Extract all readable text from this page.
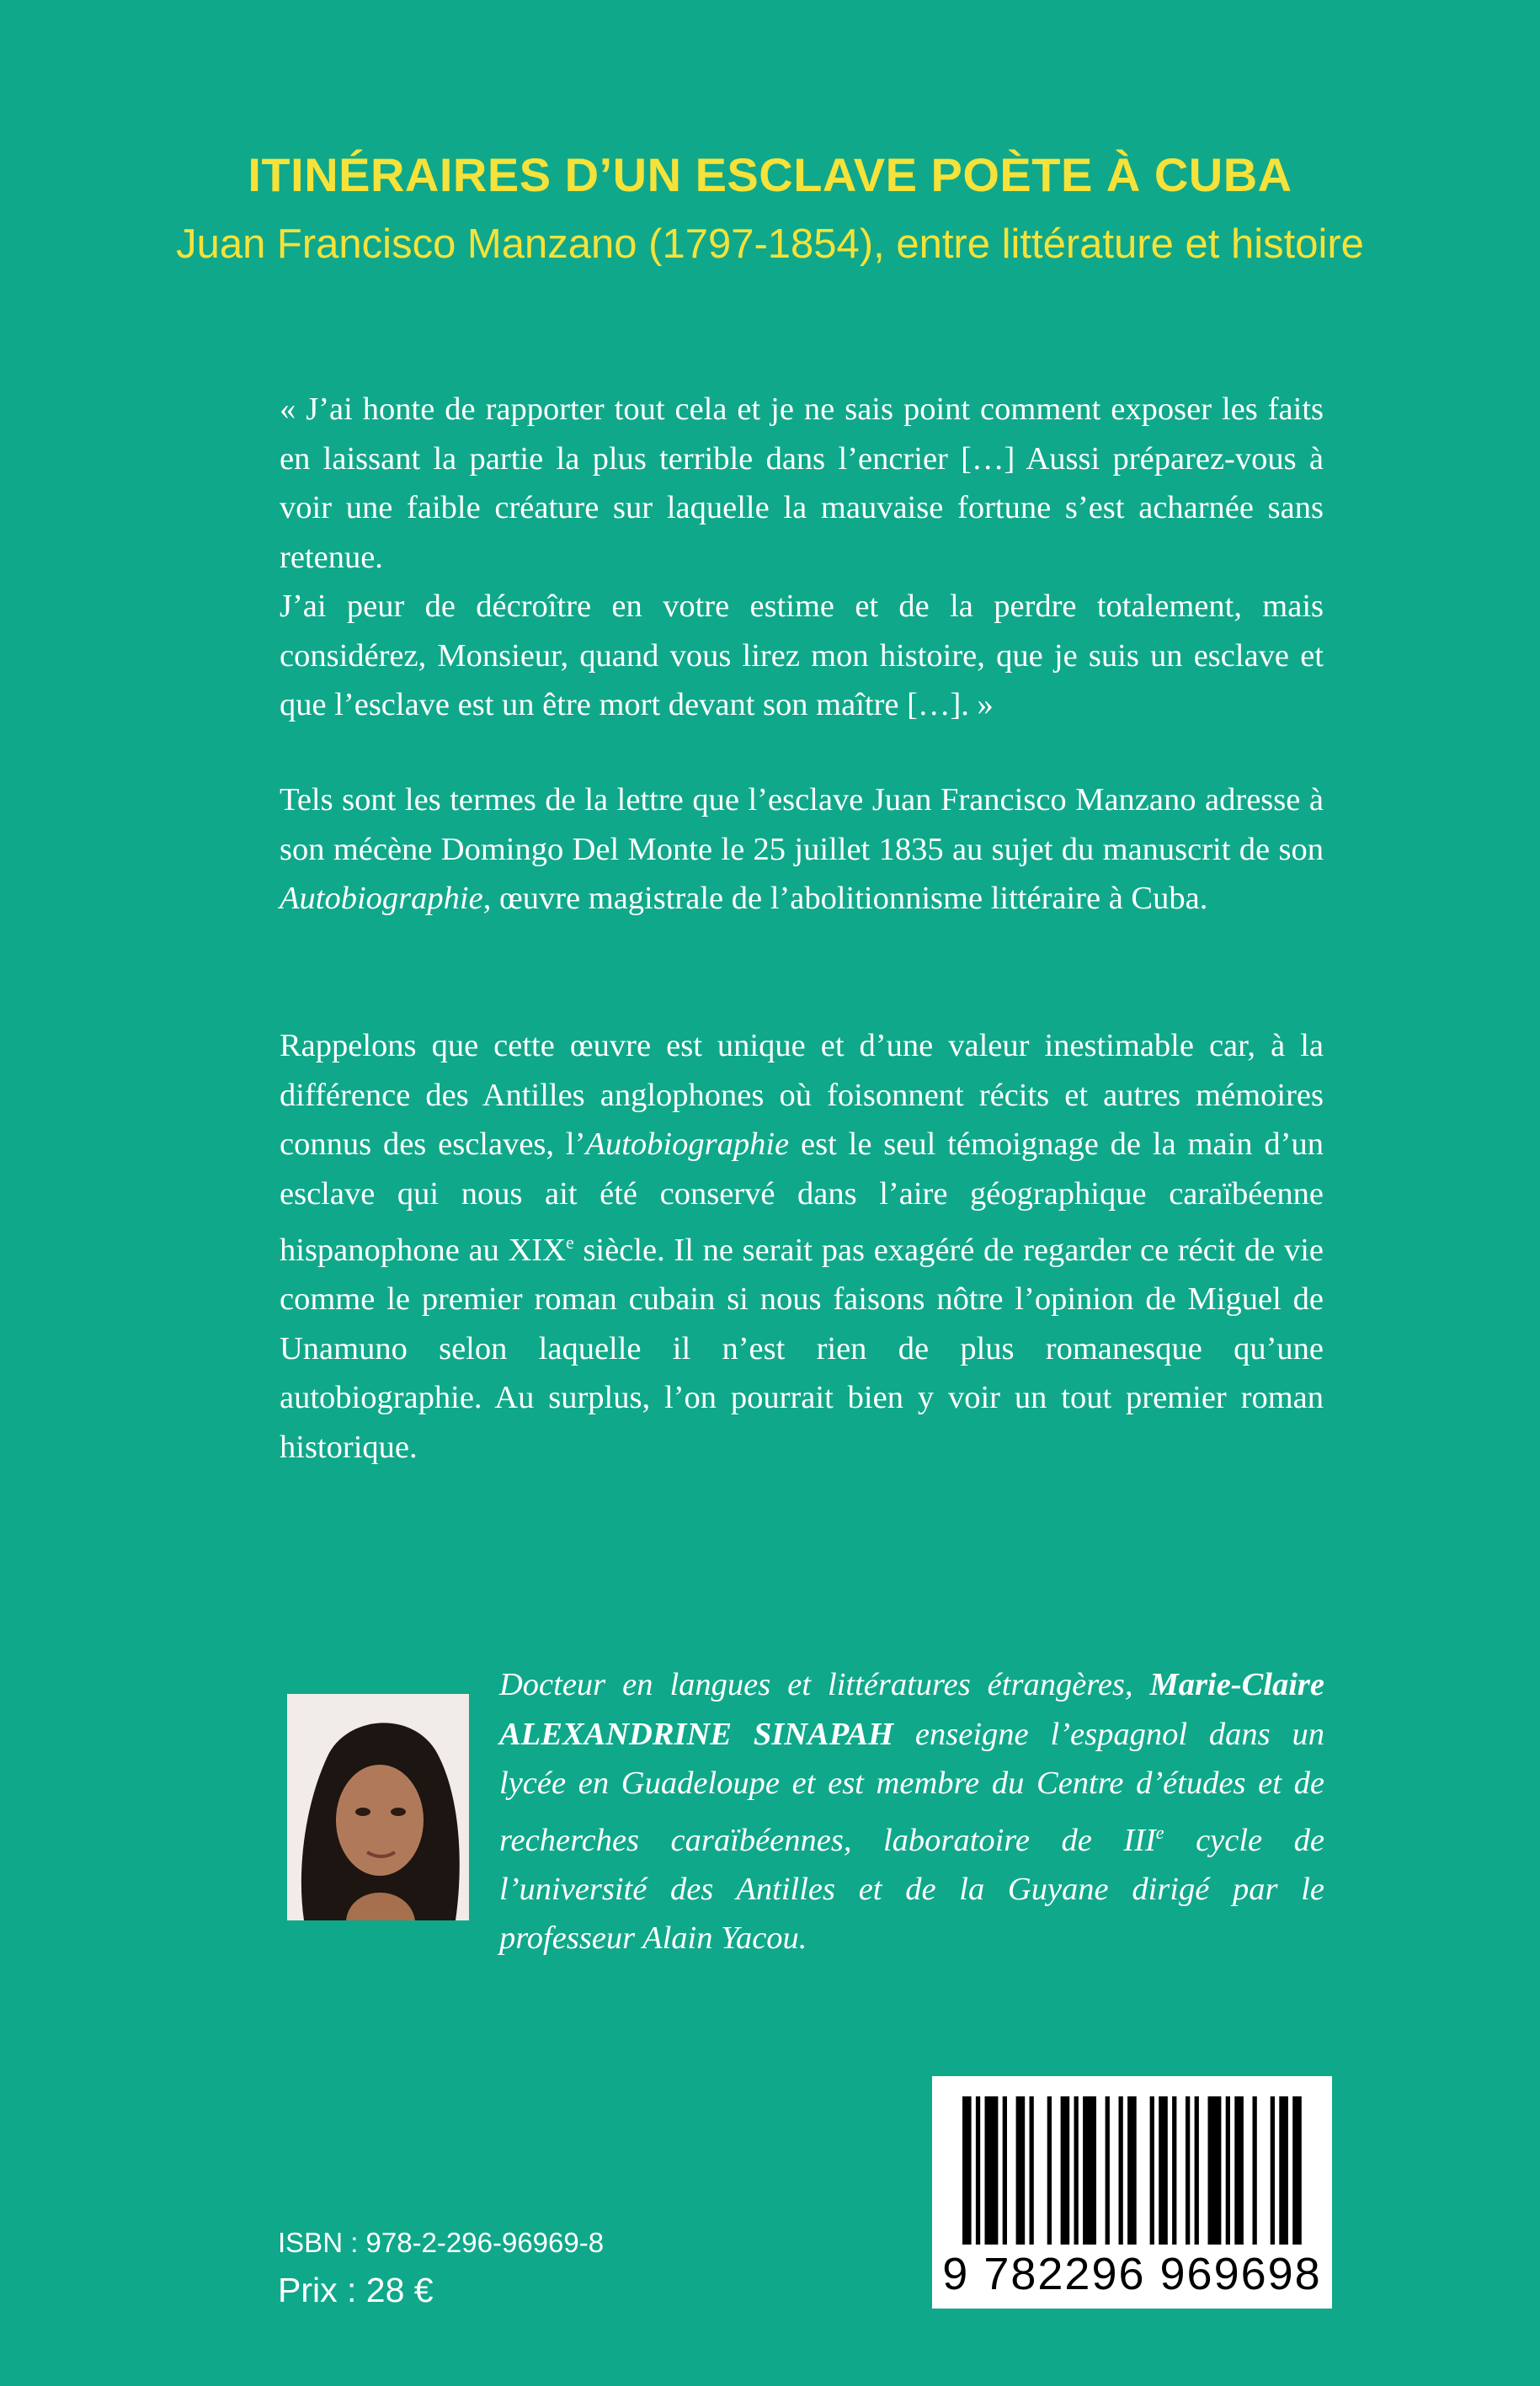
ITINÉRAIRES D’UN ESCLAVE POÈTE À CUBA
Juan Francisco Manzano (1797-1854), entre littérature et histoire

« J’ai honte de rapporter tout cela et je ne sais point comment exposer les faits en laissant la partie la plus terrible dans l’encrier […] Aussi préparez-vous à voir une faible créature sur laquelle la mauvaise fortune s’est acharnée sans retenue.

J’ai peur de décroître en votre estime et de la perdre totalement, mais considérez, Monsieur, quand vous lirez mon histoire, que je suis un esclave et que l’esclave est un être mort devant son maître […]. »

Tels sont les termes de la lettre que l’esclave Juan Francisco Manzano adresse à son mécène Domingo Del Monte le 25 juillet 1835 au sujet du manuscrit de son Autobiographie, œuvre magistrale de l’abolitionnisme littéraire à Cuba.

Rappelons que cette œuvre est unique et d’une valeur inestimable car, à la différence des Antilles anglophones où foisonnent récits et autres mémoires connus des esclaves, l’Autobiographie est le seul témoignage de la main d’un esclave qui nous ait été conservé dans l’aire géographique caraïbéenne hispanophone au XIXe siècle. Il ne serait pas exagéré de regarder ce récit de vie comme le premier roman cubain si nous faisons nôtre l’opinion de Miguel de Unamuno selon laquelle il n’est rien de plus romanesque qu’une autobiographie. Au surplus, l’on pourrait bien y voir un tout premier roman historique.

Docteur en langues et littératures étrangères, Marie-Claire ALEXANDRINE SINAPAH enseigne l’espagnol dans un lycée en Guadeloupe et est membre du Centre d’études et de recherches caraïbéennes, laboratoire de IIIe cycle de l’université des Antilles et de la Guyane dirigé par le professeur Alain Yacou.
ISBN : 978-2-296-96969-8
Prix : 28 €	9 782296 969698
